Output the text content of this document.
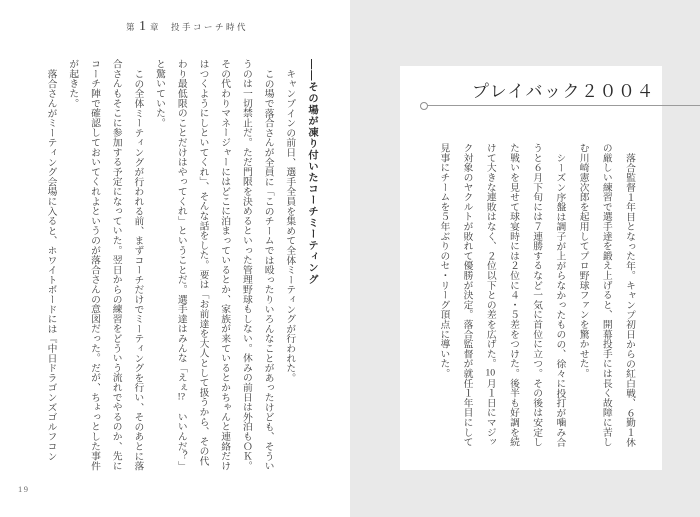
第 1 章 投手コーチ時代

――その場が凍り付いたコーチミーティング

キャンプインの前日、選手全員を集めて全体ミーティングが行われた。

この場で落合さんが全員に「このチームでは殴ったりいろんなことがあったけども、そういうのは一切禁止だ。ただ門限を決めるといった管理野球もしない。休みの前日は外泊もＯＫ。その代わりマネージャーにはどこに泊まっているとか、家族が来ているとかちゃんと連絡だけはつくようにしといてくれ」、そんな話をした。要は「お前達を大人として扱うから、その代わり最低限のことだけはやってくれ」ということだ。選手達はみんな「えぇ!?　いいんだ？」と驚いていた。

この全体ミーティングが行われる前、まずコーチだけでミーティングを行い、そのあとに落合さんもそこに参加する予定になっていた。翌日からの練習をどういう流れでやるのか、先にコーチ陣で確認しておいてくれよというのが落合さんの意図だった。だが、ちょっとした事件が起きた。

落合さんがミーティング会場に入ると、ホワイトボードには『中日ドラゴンズゴルフコン

19
プレイバック２００４

落合監督１年目となった年。キャンプ初日からの紅白戦、６勤１休の厳しい練習で選手達を鍛え上げると、開幕投手には長く故障に苦しむ川崎憲次郎を起用してプロ野球ファンを驚かせた。

シーズン序盤は調子が上がらなかったものの、徐々に投打が噛み合うと６月下旬には７連勝するなど一気に首位に立つ。その後は安定した戦いを見せて球宴時には２位に４・５差をつけた。後半も好調を続けて大きな連敗はなく、２位以下との差を広げた。10月１日にマジック対象のヤクルトが敗れて優勝が決定。落合監督が就任１年目にして見事にチームを５年ぶりのセ・リーグ頂点に導いた。
